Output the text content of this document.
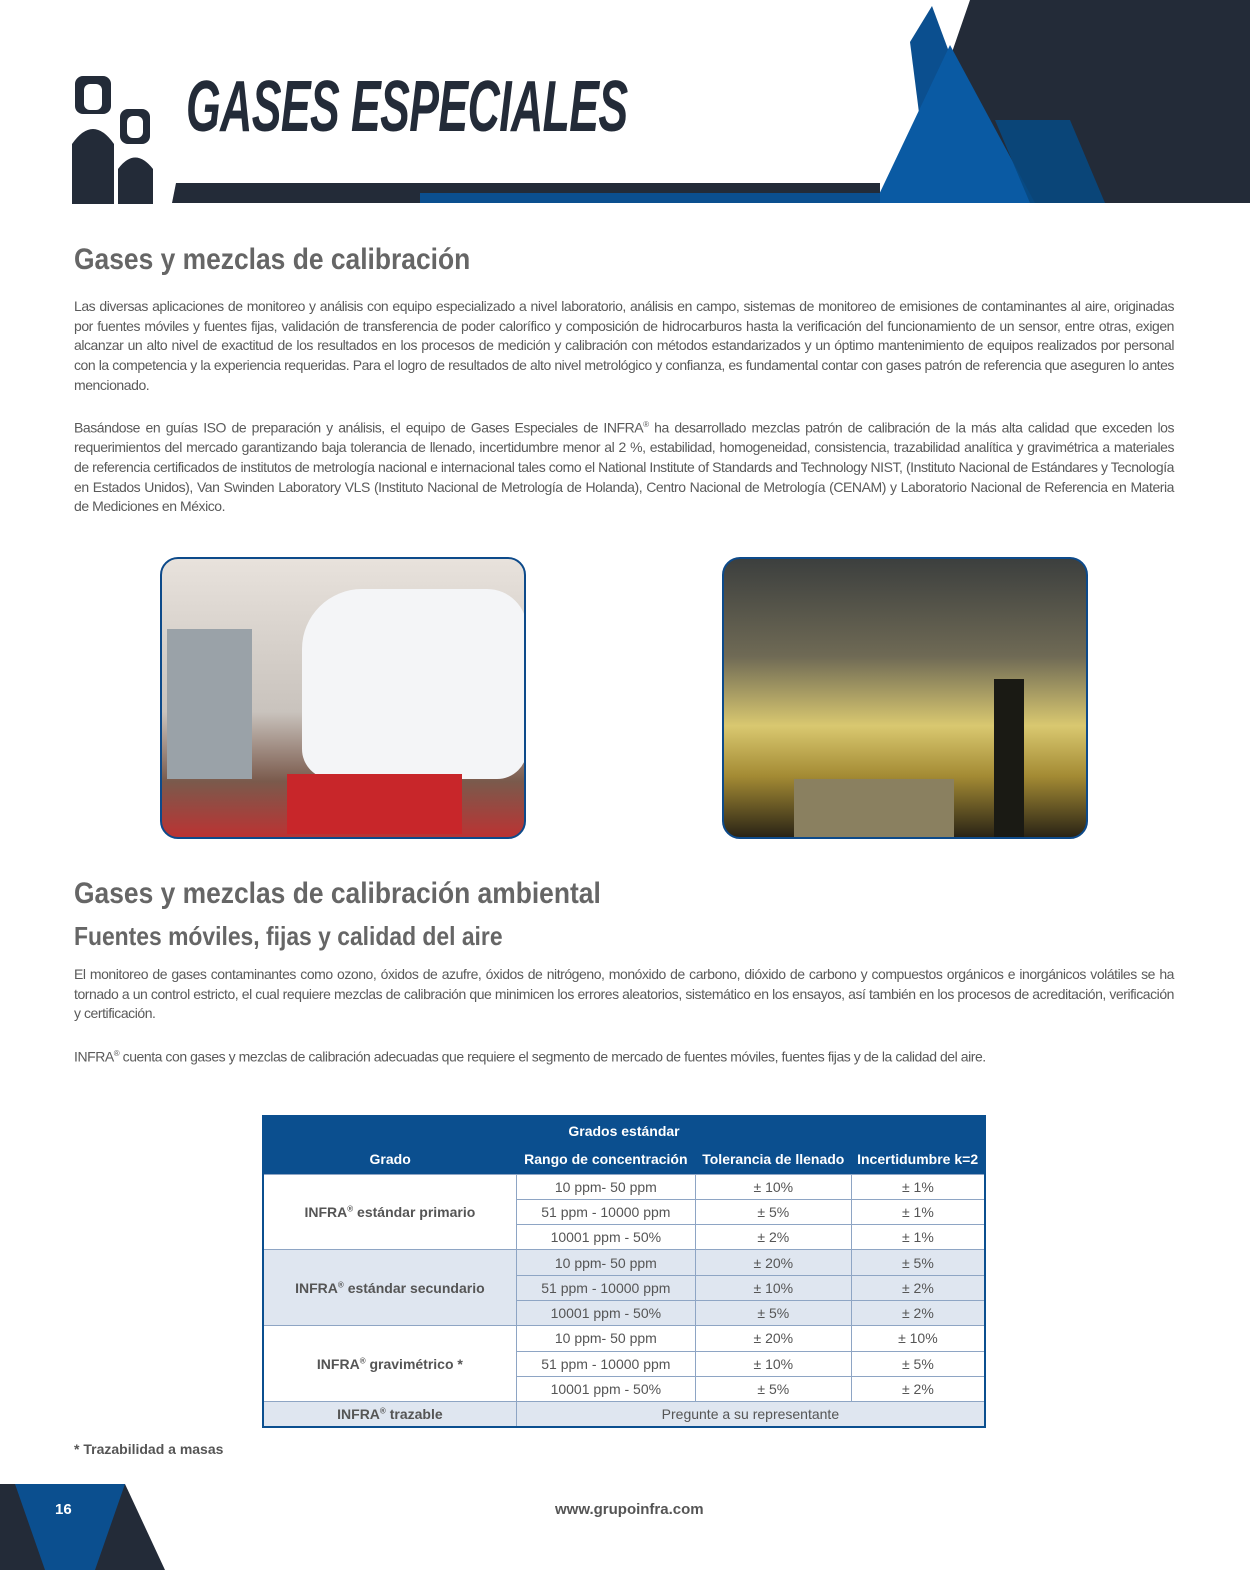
GASES ESPECIALES
Gases y mezclas de calibración

Las diversas aplicaciones de monitoreo y análisis con equipo especializado a nivel laboratorio, análisis en campo, sistemas de monitoreo de emisiones de contaminantes al aire, originadas por fuentes móviles y fuentes fijas, validación de transferencia de poder calorífico y composición de hidrocarburos hasta la verificación del funcionamiento de un sensor, entre otras, exigen alcanzar un alto nivel de exactitud de los resultados en los procesos de medición y calibración con métodos estandarizados y un óptimo mantenimiento de equipos realizados por personal con la competencia y la experiencia requeridas. Para el logro de resultados de alto nivel metrológico y confianza, es fundamental contar con gases patrón de referencia que aseguren lo antes mencionado.

Basándose en guías ISO de preparación y análisis, el equipo de Gases Especiales de INFRA® ha desarrollado mezclas patrón de calibración de la más alta calidad que exceden los requerimientos del mercado garantizando baja tolerancia de llenado, incertidumbre menor al 2 %, estabilidad, homogeneidad, consistencia, trazabilidad analítica y gravimétrica a materiales de referencia certificados de institutos de metrología nacional e internacional tales como el National Institute of Standards and Technology NIST, (Instituto Nacional de Estándares y Tecnología en Estados Unidos), Van Swinden Laboratory VLS (Instituto Nacional de Metrología de Holanda), Centro Nacional de Metrología (CENAM) y Laboratorio Nacional de Referencia en Materia de Mediciones en México.

Gases y mezclas de calibración ambiental
Fuentes móviles, fijas y calidad del aire

El monitoreo de gases contaminantes como ozono, óxidos de azufre, óxidos de nitrógeno, monóxido de carbono, dióxido de carbono y compuestos orgánicos e inorgánicos volátiles se ha tornado a un control estricto, el cual requiere mezclas de calibración que minimicen los errores aleatorios, sistemático en los ensayos, así también en los procesos de acreditación, verificación y certificación.

INFRA® cuenta con gases y mezclas de calibración adecuadas que requiere el segmento de mercado de fuentes móviles, fuentes fijas y de la calidad del aire.

Grados estándar			
Grado	Rango de concentración	Tolerancia de llenado	Incertidumbre k=2
INFRA® estándar primario	10 ppm- 50 ppm	± 10%	± 1%
	51 ppm - 10000 ppm	± 5%	± 1%
	10001 ppm - 50%	± 2%	± 1%
INFRA® estándar secundario	10 ppm- 50 ppm	± 20%	± 5%
	51 ppm - 10000 ppm	± 10%	± 2%
	10001 ppm - 50%	± 5%	± 2%
INFRA® gravimétrico *	10 ppm- 50 ppm	± 20%	± 10%
	51 ppm - 10000 ppm	± 10%	± 5%
	10001 ppm - 50%	± 5%	± 2%
INFRA® trazable	Pregunte a su representante		
* Trazabilidad a masas
16	www.grupoinfra.com
